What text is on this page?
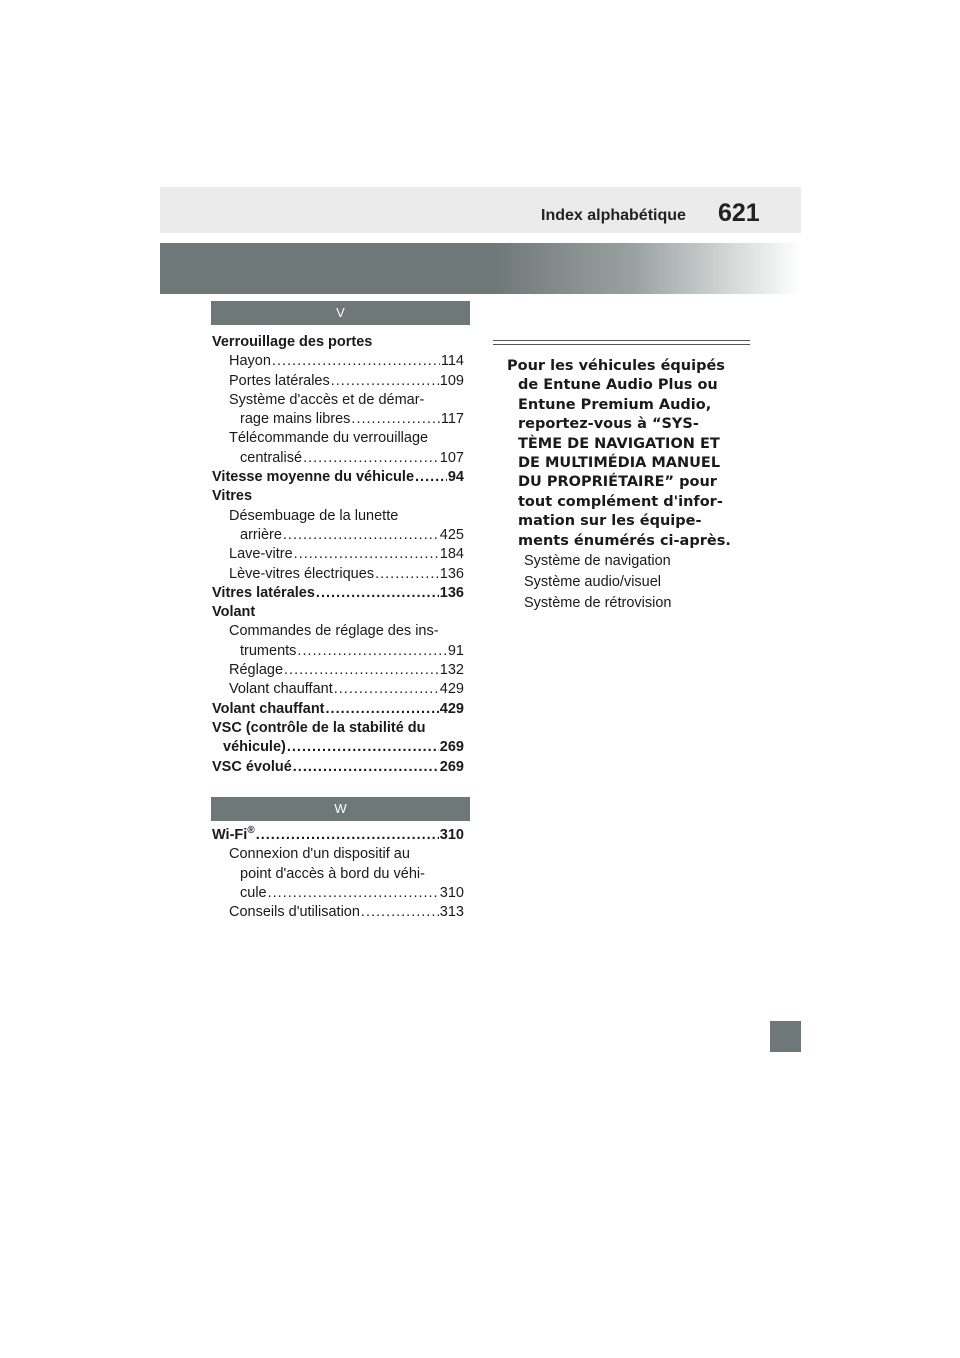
Index alphabétique 621
V
Verrouillage des portes
Hayon .....	114
Portes latérales .....	109
Système d'accès et de démar-
rage mains libres .....	117
Télécommande du verrouillage
centralisé .....	107
Vitesse moyenne du véhicule ..... 94
Vitres
Désembuage de la lunette
arrière .....	425
Lave-vitre .....	184
Lève-vitres électriques .....	136
Vitres latérales .....	136
Volant
Commandes de réglage des ins-
truments .....	91
Réglage .....	132
Volant chauffant .....	429
Volant chauffant .....	429
VSC (contrôle de la stabilité du
véhicule) .....	269
VSC évolué .....	269
W
Wi-Fi® .....	310
Connexion d'un dispositif au
point d'accès à bord du véhi-
cule .....	310
Conseils d'utilisation .....	313
Pour les véhicules équipés
de Entune Audio Plus ou
Entune Premium Audio,
reportez-vous à “SYS-
TÈME DE NAVIGATION ET
DE MULTIMÉDIA MANUEL
DU PROPRIÉTAIRE” pour
tout complément d'infor-
mation sur les équipe-
ments énumérés ci-après.
Système de navigation
Système audio/visuel
Système de rétrovision
